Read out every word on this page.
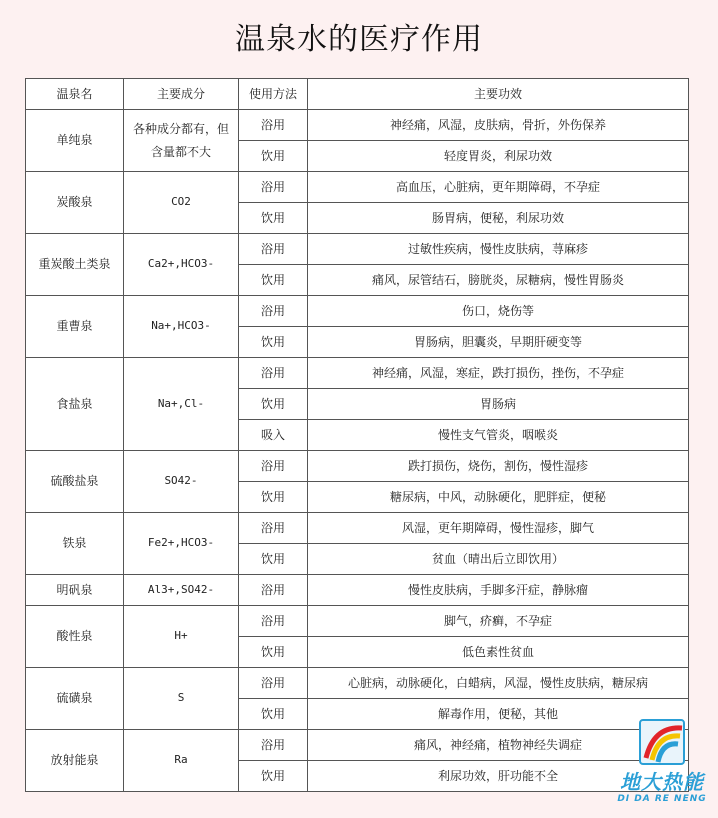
温泉水的医疗作用
温泉名	主要成分	使用方法	主要功效
单纯泉	各种成分都有，但含量都不大	浴用	神经痛，风湿，皮肤病，骨折，外伤保养
		饮用	轻度胃炎，利尿功效
炭酸泉	CO2	浴用	高血压，心脏病，更年期障碍，不孕症
		饮用	肠胃病，便秘，利尿功效
重炭酸土类泉	Ca2+,HCO3-	浴用	过敏性疾病，慢性皮肤病，荨麻疹
		饮用	痛风，尿管结石，膀胱炎，尿糖病，慢性胃肠炎
重曹泉	Na+,HCO3-	浴用	伤口，烧伤等
		饮用	胃肠病，胆囊炎，早期肝硬变等
食盐泉	Na+,Cl-	浴用	神经痛，风湿，寒症，跌打损伤，挫伤，不孕症
		饮用	胃肠病
		吸入	慢性支气管炎，咽喉炎
硫酸盐泉	SO42-	浴用	跌打损伤，烧伤，割伤，慢性湿疹
		饮用	糖尿病，中风，动脉硬化，肥胖症，便秘
铁泉	Fe2+,HCO3-	浴用	风湿，更年期障碍，慢性湿疹，脚气
		饮用	贫血（晴出后立即饮用）
明矾泉	Al3+,SO42-	浴用	慢性皮肤病，手脚多汗症，静脉瘤
酸性泉	H+	浴用	脚气，疥癣，不孕症
		饮用	低色素性贫血
硫磺泉	S	浴用	心脏病，动脉硬化，白蜡病，风湿，慢性皮肤病，糖尿病
		饮用	解毒作用，便秘，其他
放射能泉	Ra	浴用	痛风，神经痛，植物神经失调症
		饮用	利尿功效，肝功能不全	地大热能
DI DA RE NENG
